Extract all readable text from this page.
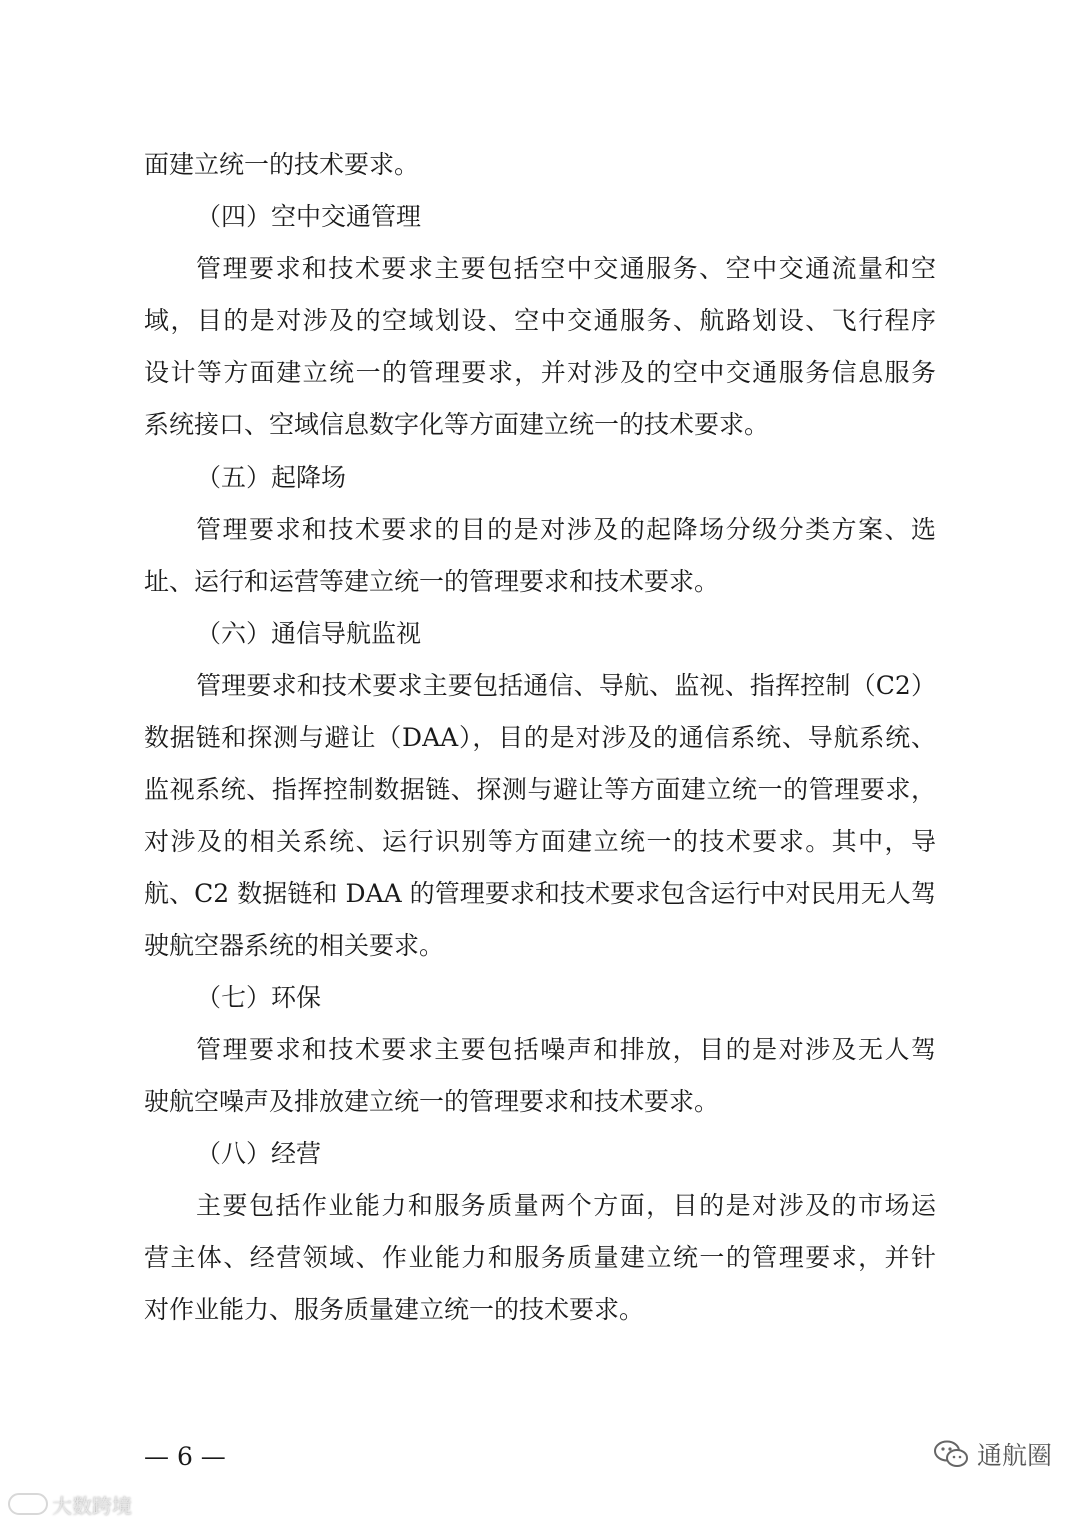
面建立统一的技术要求。

（四）空中交通管理

管理要求和技术要求主要包括空中交通服务、空中交通流量和空

域，目的是对涉及的空域划设、空中交通服务、航路划设、飞行程序

设计等方面建立统一的管理要求，并对涉及的空中交通服务信息服务

系统接口、空域信息数字化等方面建立统一的技术要求。

（五）起降场

管理要求和技术要求的目的是对涉及的起降场分级分类方案、选

址、运行和运营等建立统一的管理要求和技术要求。

（六）通信导航监视

管理要求和技术要求主要包括通信、导航、监视、指挥控制（C2）

数据链和探测与避让（DAA），目的是对涉及的通信系统、导航系统、

监视系统、指挥控制数据链、探测与避让等方面建立统一的管理要求，

对涉及的相关系统、运行识别等方面建立统一的技术要求。其中，导

航、C2 数据链和 DAA 的管理要求和技术要求包含运行中对民用无人驾

驶航空器系统的相关要求。

（七）环保

管理要求和技术要求主要包括噪声和排放，目的是对涉及无人驾

驶航空噪声及排放建立统一的管理要求和技术要求。

（八）经营

主要包括作业能力和服务质量两个方面，目的是对涉及的市场运

营主体、经营领域、作业能力和服务质量建立统一的管理要求，并针

对作业能力、服务质量建立统一的技术要求。

— 6 —
大数跨境
通航圈
